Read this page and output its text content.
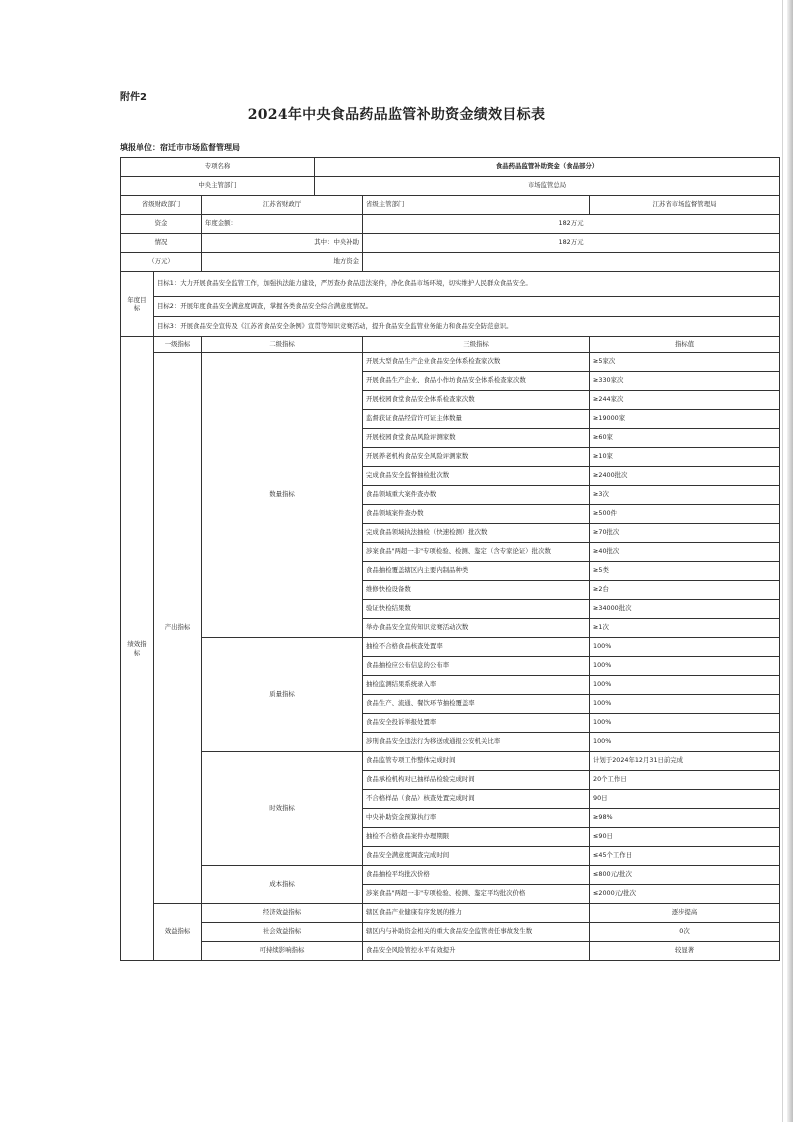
附件2
2024年中央食品药品监管补助资金绩效目标表
填报单位：宿迁市市场监督管理局
专项名称			食品药品监管补助资金（食品部分）		
中央主管部门			市场监管总局		
省级财政部门		江苏省财政厅		省级主管部门	江苏省市场监督管理局
资金		年度金额：		182万元	
情况		其中：中央补助		182万元	
（万元）		地方资金			
年度目
标	目标1：大力开展食品安全监管工作，加强执法能力建设，严厉查办食品违法案件，净化食品市场环境，切实维护人民群众食品安全。				
	目标2：开展年度食品安全满意度调查，掌握各类食品安全综合满意度情况。				
	目标3：开展食品安全宣传及《江苏省食品安全条例》宣贯等知识竞赛活动，提升食品安全监管业务能力和食品安全防范意识。				
绩效指
标	一级指标	二级指标		三级指标	指标值
	产出指标	数量指标		开展大型食品生产企业食品安全体系检查家次数	≥5家次
				开展食品生产企业、食品小作坊食品安全体系检查家次数	≥330家次
				开展校园食堂食品安全体系检查家次数	≥244家次
				监督获证食品经营许可证主体数量	≥19000家
				开展校园食堂食品风险评测家数	≥60家
				开展养老机构食品安全风险评测家数	≥10家
				完成食品安全监督抽检批次数	≥2400批次
				食品领域重大案件查办数	≥3次
				食品领域案件查办数	≥500件
				完成食品领域执法抽检（快速检测）批次数	≥70批次
				涉案食品"两超一非"专项检验、检测、鉴定（含专家论证）批次数	≥40批次
				食品抽检覆盖辖区内主要内制品种类	≥5类
				维修快检设备数	≥2台
				验证快检结果数	≥34000批次
				举办食品安全宣传知识竞赛活动次数	≥1次
		质量指标		抽检不合格食品核查处置率	100%
				食品抽检应公布信息的公布率	100%
				抽检监测结果系统录入率	100%
				食品生产、流通、餐饮环节抽检覆盖率	100%
				食品安全投诉举报处置率	100%
				涉刑食品安全违法行为移送或通报公安机关比率	100%
		时效指标		食品监管专项工作整体完成时间	计划于2024年12月31日前完成
				食品承检机构对已抽样品检验完成时间	20个工作日
				不合格样品（食品）核查处置完成时间	90日
				中央补助资金预算执行率	≥98%
				抽检不合格食品案件办理期限	≤90日
				食品安全满意度调查完成时间	≤45个工作日
		成本指标		食品抽检平均批次价格	≤800元/批次
				涉案食品"两超一非"专项检验、检测、鉴定平均批次价格	≤2000元/批次
	效益指标	经济效益指标		辖区食品产业健康有序发展的推力	逐步提高
		社会效益指标		辖区内与补助资金相关的重大食品安全监管责任事故发生数	0次
		可持续影响指标		食品安全风险管控水平有效提升	较显著
